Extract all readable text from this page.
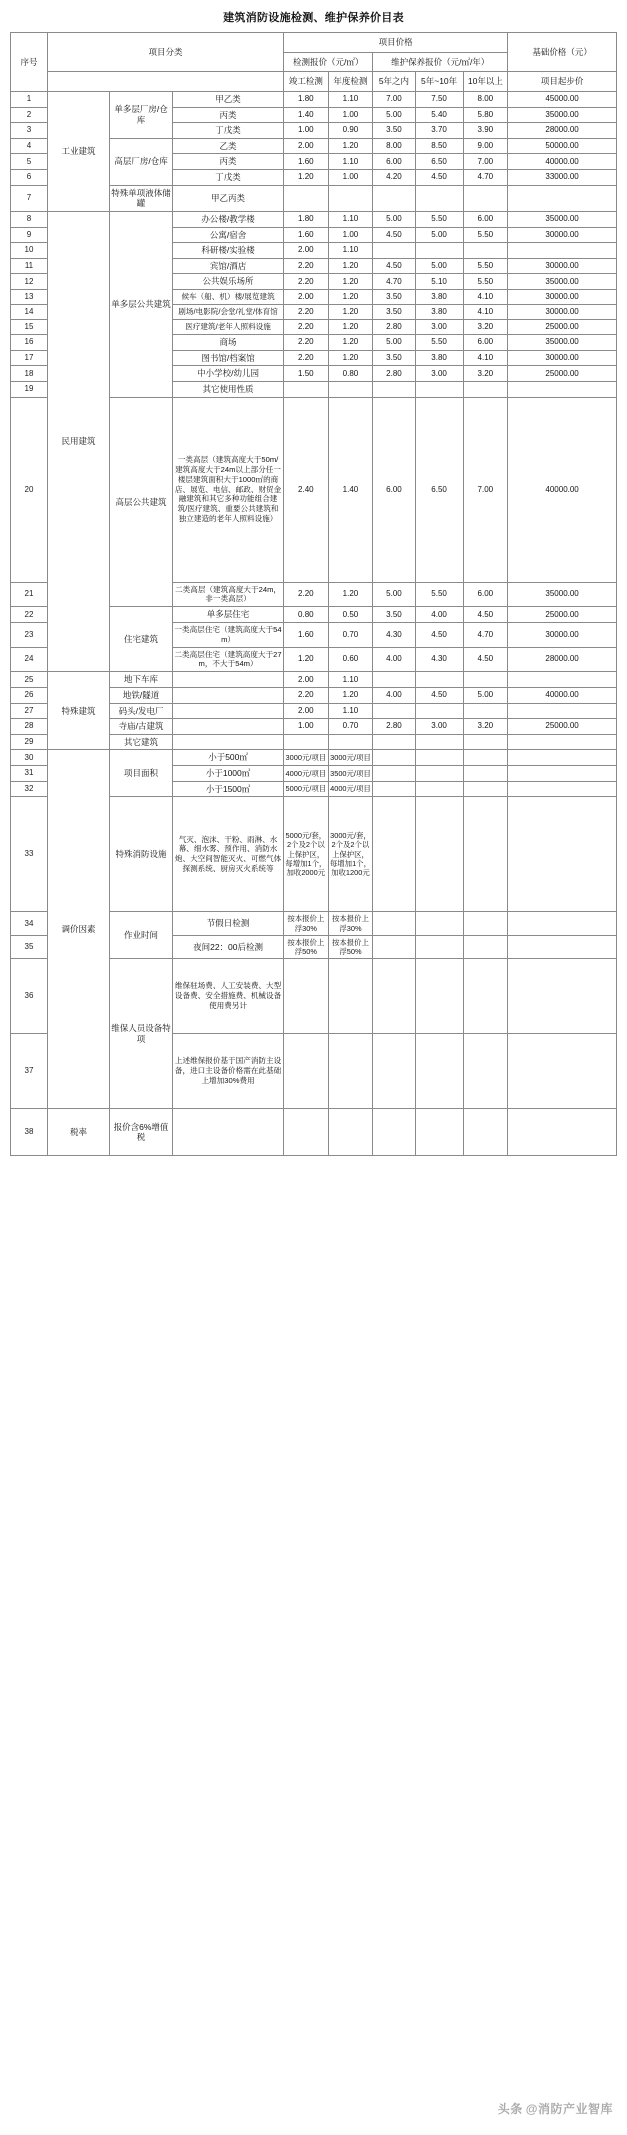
建筑消防设施检测、维护保养价目表
序号	项目分类			项目价格					基础价格（元）
				检测报价（元/㎡）		维护保养报价（元/㎡/年）			
				竣工检测	年度检测	5年之内	5年~10年	10年以上	项目起步价
1	工业建筑	单多层厂房/仓库	甲乙类	1.80	1.10	7.00	7.50	8.00	45000.00
2			丙类	1.40	1.00	5.00	5.40	5.80	35000.00
3			丁戊类	1.00	0.90	3.50	3.70	3.90	28000.00
4		高层厂房/仓库	乙类	2.00	1.20	8.00	8.50	9.00	50000.00
5			丙类	1.60	1.10	6.00	6.50	7.00	40000.00
6			丁戊类	1.20	1.00	4.20	4.50	4.70	33000.00
7		特殊单项液体储罐	甲乙丙类						
8	民用建筑	单多层公共建筑	办公楼/教学楼	1.80	1.10	5.00	5.50	6.00	35000.00
9			公寓/宿舍	1.60	1.00	4.50	5.00	5.50	30000.00
10			科研楼/实验楼	2.00	1.10				
11			宾馆/酒店	2.20	1.20	4.50	5.00	5.50	30000.00
12			公共娱乐场所	2.20	1.20	4.70	5.10	5.50	35000.00
13			候车（船、机）楼/展览建筑	2.00	1.20	3.50	3.80	4.10	30000.00
14			剧场/电影院/会堂/礼堂/体育馆	2.20	1.20	3.50	3.80	4.10	30000.00
15			医疗建筑/老年人照料设施	2.20	1.20	2.80	3.00	3.20	25000.00
16			商场	2.20	1.20	5.00	5.50	6.00	35000.00
17			图书馆/档案馆	2.20	1.20	3.50	3.80	4.10	30000.00
18			中小学校/幼儿园	1.50	0.80	2.80	3.00	3.20	25000.00
19			其它使用性质						
20		高层公共建筑	一类高层（建筑高度大于50m/建筑高度大于24m以上部分任一楼层建筑面积大于1000㎡的商店、展览、电信、邮政、财贸金融建筑和其它多种功能组合建筑/医疗建筑、重要公共建筑和独立建造的老年人照料设施）	2.40	1.40	6.00	6.50	7.00	40000.00
21			二类高层（建筑高度大于24m，非一类高层）	2.20	1.20	5.00	5.50	6.00	35000.00
22		住宅建筑	单多层住宅	0.80	0.50	3.50	4.00	4.50	25000.00
23			一类高层住宅（建筑高度大于54m）	1.60	0.70	4.30	4.50	4.70	30000.00
24			二类高层住宅（建筑高度大于27m，不大于54m）	1.20	0.60	4.00	4.30	4.50	28000.00
25	特殊建筑	地下车库		2.00	1.10				
26		地铁/隧道		2.20	1.20	4.00	4.50	5.00	40000.00
27		码头/发电厂		2.00	1.10				
28		寺庙/古建筑		1.00	0.70	2.80	3.00	3.20	25000.00
29		其它建筑							
30	调价因素	项目面积	小于500㎡	3000元/项目	3000元/项目				
31			小于1000㎡	4000元/项目	3500元/项目				
32			小于1500㎡	5000元/项目	4000元/项目				
33		特殊消防设施	气灭、泡沫、干粉、雨淋、水幕、细水雾、预作用、消防水炮、大空间智能灭火、可燃气体探测系统、厨房灭火系统等	5000元/套，2个及2个以上保护区，每增加1个，加收2000元	3000元/套，2个及2个以上保护区，每增加1个，加收1200元				
34		作业时间	节假日检测	按本报价上浮30%	按本报价上浮30%				
35			夜间22：00后检测	按本报价上浮50%	按本报价上浮50%				
36		维保人员设备特项	维保驻场费、人工安装费、大型设备费、安全措施费、机械设备使用费另计						
37			上述维保报价基于国产消防主设备，进口主设备价格需在此基础上增加30%费用						
38	税率	报价含6%增值税							
头条 @消防产业智库
